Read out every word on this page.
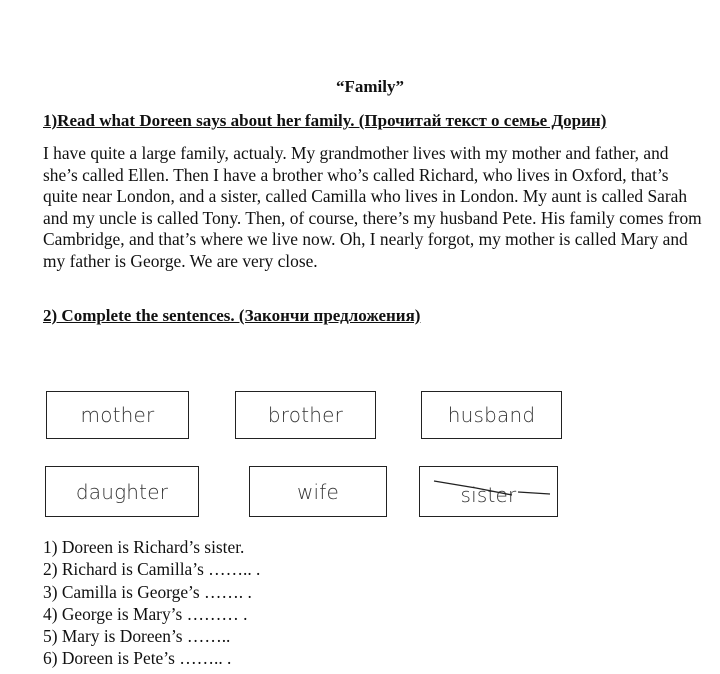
“Family”
1)Read what Doreen says about her family. (Прочитай текст о семье Дорин)
I have quite a large family, actualy. My grandmother lives with my mother and father, and she’s called Ellen. Then I have a brother who’s called Richard, who lives in Oxford, that’s quite near London, and a sister, called Camilla who lives in London. My aunt is called Sarah and my uncle is called Tony. Then, of course, there’s my husband Pete. His family comes from Cambridge, and that’s where we live now. Oh, I nearly forgot, my mother is called Mary and my father is George. We are very close.
2) Complete the sentences. (Закончи предложения)
mother	brother	husband
daughter	wife	sister
1) Doreen is Richard’s sister.
2) Richard is Camilla’s …….. .
3) Camilla is George’s ……. .
4) George is Mary’s ……… .
5) Mary is Doreen’s ……..
6) Doreen is Pete’s …….. .
